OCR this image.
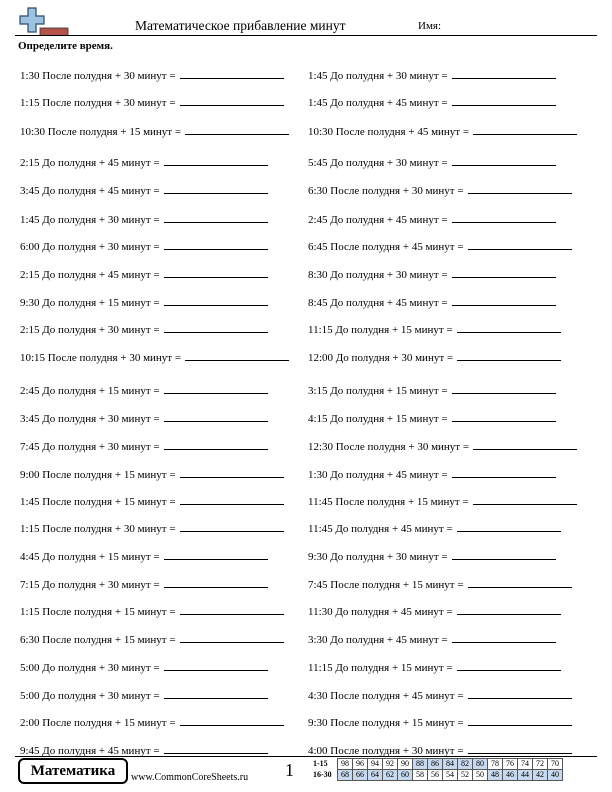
Математическое прибавление минут	Имя:
Определите время.
1:30 После полудня + 30 минут =	1:45 До полудня + 30 минут =
1:15 После полудня + 30 минут =	1:45 До полудня + 45 минут =
10:30 После полудня + 15 минут =	10:30 После полудня + 45 минут =
2:15 До полудня + 45 минут =	5:45 До полудня + 30 минут =
3:45 До полудня + 45 минут =	6:30 После полудня + 30 минут =
1:45 До полудня + 30 минут =	2:45 До полудня + 45 минут =
6:00 До полудня + 30 минут =	6:45 После полудня + 45 минут =
2:15 До полудня + 45 минут =	8:30 До полудня + 30 минут =
9:30 До полудня + 15 минут =	8:45 До полудня + 45 минут =
2:15 До полудня + 30 минут =	11:15 До полудня + 15 минут =
10:15 После полудня + 30 минут =	12:00 До полудня + 30 минут =
2:45 До полудня + 15 минут =	3:15 До полудня + 15 минут =
3:45 До полудня + 30 минут =	4:15 До полудня + 15 минут =
7:45 До полудня + 30 минут =	12:30 После полудня + 30 минут =
9:00 После полудня + 15 минут =	1:30 До полудня + 45 минут =
1:45 После полудня + 15 минут =	11:45 После полудня + 15 минут =
1:15 После полудня + 30 минут =	11:45 До полудня + 45 минут =
4:45 До полудня + 15 минут =	9:30 До полудня + 30 минут =
7:15 До полудня + 30 минут =	7:45 После полудня + 15 минут =
1:15 После полудня + 15 минут =	11:30 До полудня + 45 минут =
6:30 После полудня + 15 минут =	3:30 До полудня + 45 минут =
5:00 До полудня + 30 минут =	11:15 До полудня + 15 минут =
5:00 До полудня + 30 минут =	4:30 После полудня + 45 минут =
2:00 После полудня + 15 минут =	9:30 После полудня + 15 минут =
9:45 До полудня + 45 минут =	4:00 После полудня + 30 минут =
Математика	www.CommonCoreSheets.ru 1 1-15	98	96	94	92	90	88	86	84	82	80	78	76	74	72	70
16-30	68	66	64	62	60	58	56	54	52	50	48	46	44	42	40
